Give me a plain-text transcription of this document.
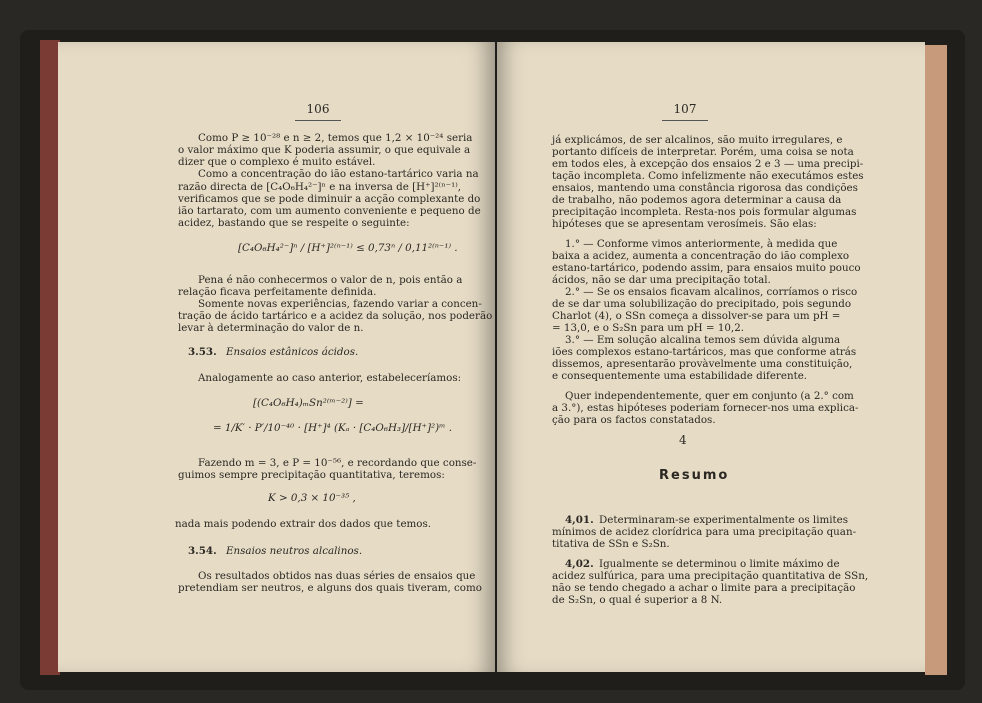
106
Como P ≥ 10⁻²⁸ e n ≥ 2, temos que 1,2 × 10⁻²⁴ seria
o valor máximo que K poderia assumir, o que equivale a
dizer que o complexo é muito estável.
Como a concentração do ião estano-tartárico varia na
razão directa de [C₄O₆H₄²⁻]ⁿ e na inversa de [H⁺]²⁽ⁿ⁻¹⁾,
verificamos que se pode diminuir a acção complexante do
ião tartarato, com um aumento conveniente e pequeno de
acidez, bastando que se respeite o seguinte:
[C₄O₆H₄²⁻]ⁿ / [H⁺]²⁽ⁿ⁻¹⁾ ≤ 0,73ⁿ / 0,11²⁽ⁿ⁻¹⁾ .
Pena é não conhecermos o valor de n, pois então a
relação ficava perfeitamente definida.
Somente novas experiências, fazendo variar a concen-
tração de ácido tartárico e a acidez da solução, nos poderão
levar à determinação do valor de n.
3.53. Ensaios estânicos ácidos.
Analogamente ao caso anterior, estabeleceríamos:
[(C₄O₆H₄)ₘSn²⁽ᵐ⁻²⁾] =
= 1/K′ · P′/10⁻⁴⁰ · [H⁺]⁴ (Kₐ · [C₄O₆H₃]/[H⁺]²)ᵐ .
Fazendo m = 3, e P = 10⁻⁵⁶, e recordando que conse-
guimos sempre precipitação quantitativa, teremos:
K > 0,3 × 10⁻³⁵ ,
nada mais podendo extrair dos dados que temos.
3.54. Ensaios neutros alcalinos.
Os resultados obtidos nas duas séries de ensaios que
pretendiam ser neutros, e alguns dos quais tiveram, como
107
já explicámos, de ser alcalinos, são muito irregulares, e
portanto difíceis de interpretar. Porém, uma coisa se nota
em todos eles, à excepção dos ensaios 2 e 3 — uma precipi-
tação incompleta. Como infelizmente não executámos estes
ensaios, mantendo uma constância rigorosa das condições
de trabalho, não podemos agora determinar a causa da
precipitação incompleta. Resta-nos pois formular algumas
hipóteses que se apresentam verosímeis. São elas:
1.° — Conforme vimos anteriormente, à medida que
baixa a acidez, aumenta a concentração do ião complexo
estano-tartárico, podendo assim, para ensaios muito pouco
ácidos, não se dar uma precipitação total.
2.° — Se os ensaios ficavam alcalinos, corríamos o risco
de se dar uma solubilização do precipitado, pois segundo
Charlot (4), o SSn começa a dissolver-se para um pH =
= 13,0, e o S₂Sn para um pH = 10,2.
3.° — Em solução alcalina temos sem dúvida alguma
iões complexos estano-tartáricos, mas que conforme atrás
dissemos, apresentarão provàvelmente uma constituição,
e consequentemente uma estabilidade diferente.
Quer independentemente, quer em conjunto (a 2.° com
a 3.°), estas hipóteses poderiam fornecer-nos uma explica-
ção para os factos constatados.
4
Resumo
4,01. Determinaram-se experimentalmente os limites
mínimos de acidez clorídrica para uma precipitação quan-
titativa de SSn e S₂Sn.
4,02. Igualmente se determinou o limite máximo de
acidez sulfúrica, para uma precipitação quantitativa de SSn,
não se tendo chegado a achar o limite para a precipitação
de S₂Sn, o qual é superior a 8 N.
